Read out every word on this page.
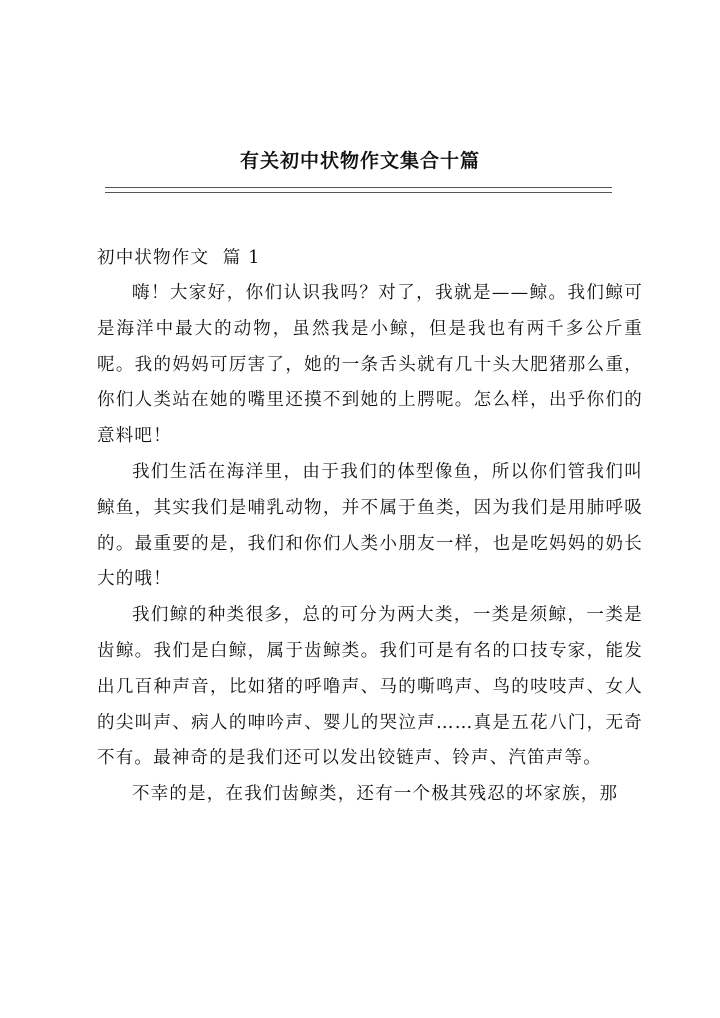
有关初中状物作文集合十篇
初中状物作文  篇 1

嗨！大家好，你们认识我吗？对了，我就是——鲸。我们鲸可是海洋中最大的动物，虽然我是小鲸，但是我也有两千多公斤重呢。我的妈妈可厉害了，她的一条舌头就有几十头大肥猪那么重，你们人类站在她的嘴里还摸不到她的上腭呢。怎么样，出乎你们的意料吧！

我们生活在海洋里，由于我们的体型像鱼，所以你们管我们叫鲸鱼，其实我们是哺乳动物，并不属于鱼类，因为我们是用肺呼吸的。最重要的是，我们和你们人类小朋友一样，也是吃妈妈的奶长大的哦！

我们鲸的种类很多，总的可分为两大类，一类是须鲸，一类是齿鲸。我们是白鲸，属于齿鲸类。我们可是有名的口技专家，能发出几百种声音，比如猪的呼噜声、马的嘶鸣声、鸟的吱吱声、女人的尖叫声、病人的呻吟声、婴儿的哭泣声……真是五花八门，无奇不有。最神奇的是我们还可以发出铰链声、铃声、汽笛声等。

不幸的是，在我们齿鲸类，还有一个极其残忍的坏家族，那
